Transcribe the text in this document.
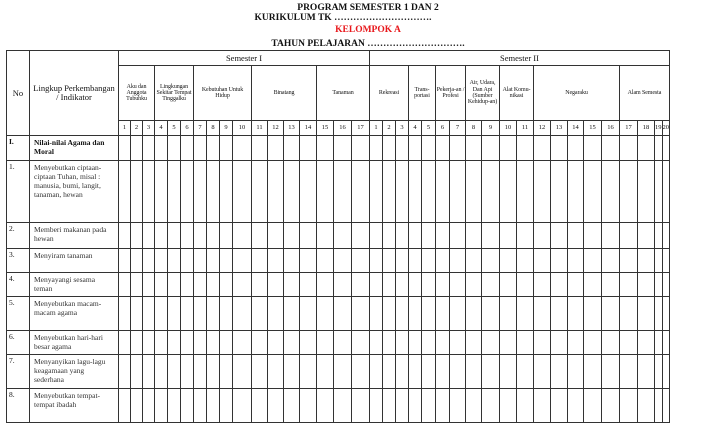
PROGRAM SEMESTER 1 DAN 2
KURIKULUM TK ………………………….
KELOMPOK A
TAHUN PELAJARAN ………………………….

No	Lingkup Perkembangan / Indikator	Semester I																	Semester II																			
		Aku dan Anggota Tubuhku			Lingkungan Sekitar Tempat Tinggalku			Kebutuhan Untuk Hidup				Binatang				Tanaman			Rekreasi			Trans-portasi		Pekerja-an / Profesi		Air, Udara, Dan Api (Sumber Kehidup-an)		Alat Komu-nikasi		Negaraku					Alam Semesta			
		1	2	3	4	5	6	7	8	9	10	11	12	13	14	15	16	17	1	2	3	4	5	6	7	8	9	10	11	12	13	14	15	16	17	18	19	20
I.	Nilai-nilai Agama dan Moral																																					
1.	Menyebutkan ciptaan-ciptaan Tuhan, misal : manusia, bumi, langit, tanaman, hewan																																					
2.	Memberi makanan pada hewan																																					
3.	Menyiram tanaman																																					
4.	Menyayangi sesama teman																																					
5.	Menyebutkan macam-macam agama																																					
6.	Menyebutkan hari-hari besar agama																																					
7.	Menyanyikan lagu-lagu keagamaan yang sederhana																																					
8.	Menyebutkan tempat-tempat ibadah																																					
